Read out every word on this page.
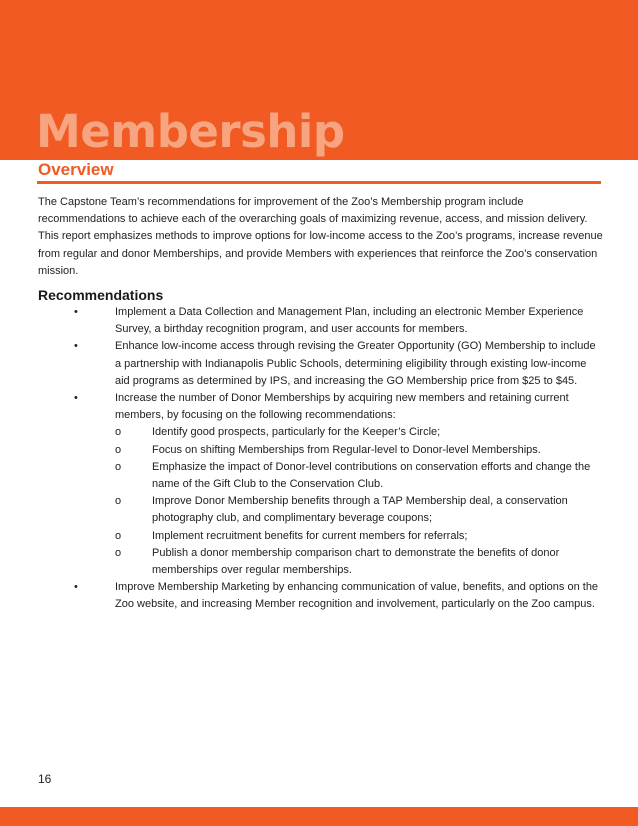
Membership
Overview

The Capstone Team’s recommendations for improvement of the Zoo’s Membership program include recommendations to achieve each of the overarching goals of maximizing revenue, access, and mission delivery. This report emphasizes methods to improve options for low-income access to the Zoo’s programs, increase revenue from regular and donor Memberships, and provide Members with experiences that reinforce the Zoo’s conservation mission.

Recommendations
•	Implement a Data Collection and Management Plan, including an electronic Member Experience Survey, a birthday recognition program, and user accounts for members.
•	Enhance low-income access through revising the Greater Opportunity (GO) Membership to include a partnership with Indianapolis Public Schools, determining eligibility through existing low-income aid programs as determined by IPS, and increasing the GO Membership price from $25 to $45.
•	Increase the number of Donor Memberships by acquiring new members and retaining current members, by focusing on the following recommendations:
o	Identify good prospects, particularly for the Keeper’s Circle;
o	Focus on shifting Memberships from Regular-level to Donor-level Memberships.
o	Emphasize the impact of Donor-level contributions on conservation efforts and change the name of the Gift Club to the Conservation Club.
o	Improve Donor Membership benefits through a TAP Membership deal, a conservation photography club, and complimentary beverage coupons;
o	Implement recruitment benefits for current members for referrals;
o	Publish a donor membership comparison chart to demonstrate the benefits of donor memberships over regular memberships.
•	Improve Membership Marketing by enhancing communication of value, benefits, and options on the Zoo website, and increasing Member recognition and involvement, particularly on the Zoo campus.

16
